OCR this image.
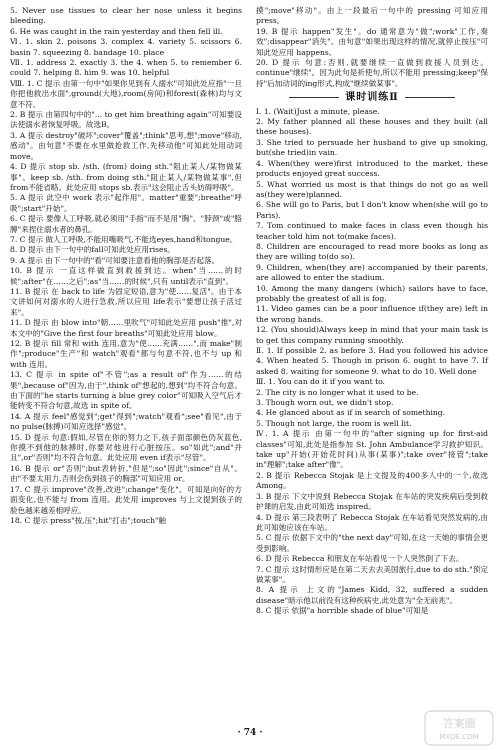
5. Never use tissues to clear her nose unless it begins bleeding.

6. He was caught in the rain yesterday and then fell ill.

Ⅵ. 1. skin 2. poisons 3. complex 4. variety 5. scissors 6. basin 7. squeezing 8. bandage 10. place

Ⅶ. 1. address 2. exactly 3. the 4. when 5. to remember 6. could 7. helping 8. him 9. was 10. helpful

Ⅷ. 1. C 提示 由第一句中"如果你见到有人溺水"可知此处应指"一旦你把他救出水面",ground(大地),room(房间)和forest(森林)均与文意不符。

2. B 提示 由第四句中的"... to get him breathing again"可知要设法使溺水者恢复呼吸。故选B。

3. A 提示 destroy"破坏";cover"覆盖";think"思考,想";move"移动,感动"。由句意"不要在水里做抢救工作,先移动他"可知此处用动词move。

4. D 提示 stop sb. /sth. (from) doing sth."阻止某人/某物做某事"。keep sb. /sth. from doing sth."阻止某人/某物做某事",但from不能省略。此处应用 stops sb.表示"这会阻止舌头妨碍呼吸"。

5. A 提示 此空中 work 表示"起作用"。matter"重要";breathe"呼吸";start"开始"。

6. C 提示 要像人工呼吸,就必须用"手指"而不是用"胸"、"脖颈"或"胳膊"来捏住溺水者的鼻孔。

7. C 提示 做人工呼吸,不能用嘴吸气,不能选eyes,hand和tongue。

8. D 提示 由下一句中的fall可知此处应用rises。

9. A 提示 由下一句中的"看"可知要注意看他的胸部是否起落。

10. B 提示 一直这样做直到救援到达。when"当……的时候";after"在……之后";as"当……的时候",只有 until表示"直到"。

11. B 提示 在 back to life 为固定短语,意为"使……复活"。由于本文讲如何对溺水的人进行急救,所以应用 life表示"要想让孩子活过来"。

11. D 提示 由 blow into"朝……里吹气"可知此处应用 push"推",对本文中的"Give the first four breaths"可知此处应用 blow。

12. B 提示 fill 常和 with 连用,意为"使……充满……",而 make"制作";produce"生产"和 watch"观看"都与句意不符,也不与 up 和 with 连用。

13. C 提示 in spite of"不管";as a result of"作为……的结果",because of"因为,由于",think of"想起的,想到"均不符合句意。由下面的"he starts turning a blue grey color"可知吸入空气后才能转变不符合句意,故选 in spite of。

14. A 提示 feel"感觉到";get"得到";watch"观看";see"看见",由于 no pulse(脉搏)可知应选择"感觉"。

15. D 提示 句意:假如,尽管在你的努力之下,孩子面部颜色仍灰蓝色,你摸不到他的脉搏时,你要对他进行心脏按压。so"如此";and"并且",or"否则"均不符合句意。此处应用 even if表示"尽管"。

16. B 提示 or"否则";but表转折,"但是";so"因此";since"自从"。由"不要太用力,否则会伤到孩子的胸部"可知应用 or。

17. C 提示 improve"改善,改进";change"变化"。可知是向好的方面变化,也不能与 from 连用。此处用 improves 与上文提到孩子的脸色越来越差相呼应。

18. C 提示 press"按,压";hit"打击";touch"触

摸";move"移动"。由上一段最后一句中的 pressing 可知应用 press。

19. B 提示 happen"发生"。do 通常意为"做";work"工作,奏效";disappear"消失"。由句意"如果出现这样的情况,就停止按压"可知此处应用 happens。

20. D 提示 句意:否则,就要继续一直做到救援人员到达。continue"继续"。因为此句是祈使句,所以不能用 pressing;keep"保持"后加动词的ing形式,构成"继续做某事"。

课时训练Ⅱ

Ⅰ. 1. (Wait)Just a minute, please.

2. My father planned all these houses and they built (all these houses).

3. She tried to persuade her husband to give up smoking, but(she tried)in vain.

4. When(they were)first introduced to the market, these products enjoyed great success.

5. What worried us most is that things do not go as well as(they were)planned.

6. She will go to Paris, but I don't know when(she will go to Paris).

7. Tom continued to make faces in class even though his teacher told him not to(make faces).

8. Children are encouraged to read more books as long as they are willing to(do so).

9. Children, when(they are) accompanied by their parents, are allowed to enter the stadium.

10. Among the many dangers (which) sailors have to face, probably the greatest of all is fog.

11. Video games can be a poor influence if(they are) left in the wrong hands.

12. (You should)Always keep in mind that your main task is to get this company running smoothly.

Ⅱ. 1. If possible 2. as before 3. Had you followed his advice 4. When heated 5. Though in prison 6. ought to have 7. If asked 8. waiting for someone 9. what to do 10. Well done

Ⅲ. 1. You can do it if you want to.

2. The city is no longer what it used to be.

3. Though worn out, we didn't stop.

4. He glanced about as if in search of something.

5. Though not large, the room is well lit.

Ⅳ. 1. A 提示 由第一句中的"after signing up for first-aid classes"可知,此处是指参加 St. John Ambulance学习救护知识。take up"开始(开始花时间)从事(某事)";take over"接管";take in"理解";take after"像"。

2. B 提示 Rebecca Stojak 是上文提及的400多人中的一个,故选 Among。

3. B 提示 下文中说到 Rebecca Stojak 在车站的突发疾病后受到救护课的启发,由此可知选 inspired。

4. D 提示 第三段表明了 Rebecca Stojak 在车站看见突然发病的,由此可知她应该在车站。

5. C 提示 依据下文中的"the next day"可知,在这一天她的事情会更受到影响。

6. D 提示 Rebecca 和朋友在车站看见一个人突然倒了下去。

7. C 提示 这时情形应是在第二天去去美国旅行,due to do sth."预定做某事"。

8. A 提示 上文的"James Kidd, 32, suffered a sudden disease"暗示他以前没有这种疾病史,此处意为"全无前兆"。

8. C 提示 依据"a horrible shade of blue"可知是

· 74 ·
答案圈
MXQE.COM
